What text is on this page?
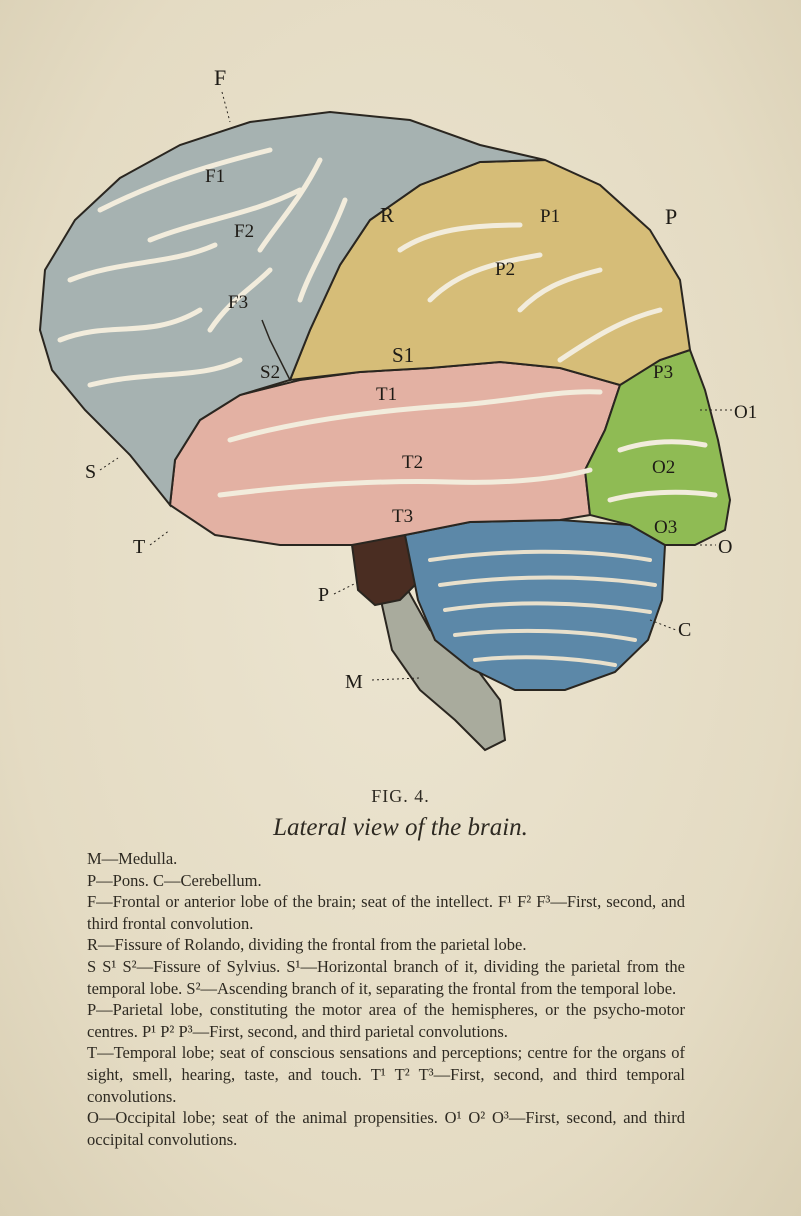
F
F1
F2
F3
R	P1	P
P2
S1
S2	P3
O1
T1
T2	O2
S
T3
O3
T	O
P
C
M
FIG. 4.
Lateral view of the brain.

M—Medulla.

P—Pons. C—Cerebellum.

F—Frontal or anterior lobe of the brain; seat of the intellect. F¹ F² F³—First, second, and third frontal convolution.

R—Fissure of Rolando, dividing the frontal from the parietal lobe.

S S¹ S²—Fissure of Sylvius. S¹—Horizontal branch of it, dividing the parietal from the temporal lobe. S²—Ascending branch of it, separating the frontal from the temporal lobe.

P—Parietal lobe, constituting the motor area of the hemispheres, or the psycho-motor centres. P¹ P² P³—First, second, and third parietal convolutions.

T—Temporal lobe; seat of conscious sensations and perceptions; centre for the organs of sight, smell, hearing, taste, and touch. T¹ T² T³—First, second, and third temporal convolutions.

O—Occipital lobe; seat of the animal propensities. O¹ O² O³—First, second, and third occipital convolutions.
